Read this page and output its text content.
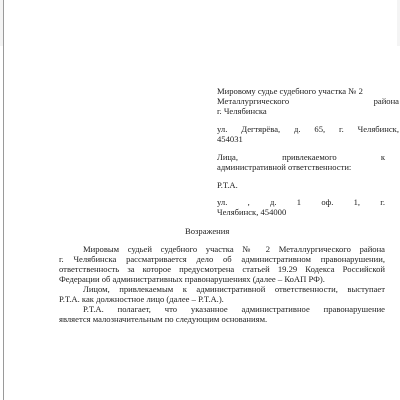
Мировому судье судебного участка № 2
Металлургического района
г. Челябинска
ул. Дегтярёва, д. 65, г. Челябинск,
454031
Лица, привлекаемого к
административной ответственности:
Р.Т.А.
ул. , д. 1 оф. 1, г.
Челябинск, 454000
Возражения
Мировым судьей судебного участка № 2 Металлургического района
г. Челябинска рассматривается дело об административном правонарушении,
ответственность за которое предусмотрена статьей 19.29 Кодекса Российской
Федерации об административных правонарушениях (далее – КоАП РФ).
Лицом, привлекаемым к административной ответственности, выступает
Р.Т.А. как должностное лицо (далее – Р.Т.А.).
Р.Т.А. полагает, что указанное административное правонарушение
является малозначительным по следующим основаниям.
